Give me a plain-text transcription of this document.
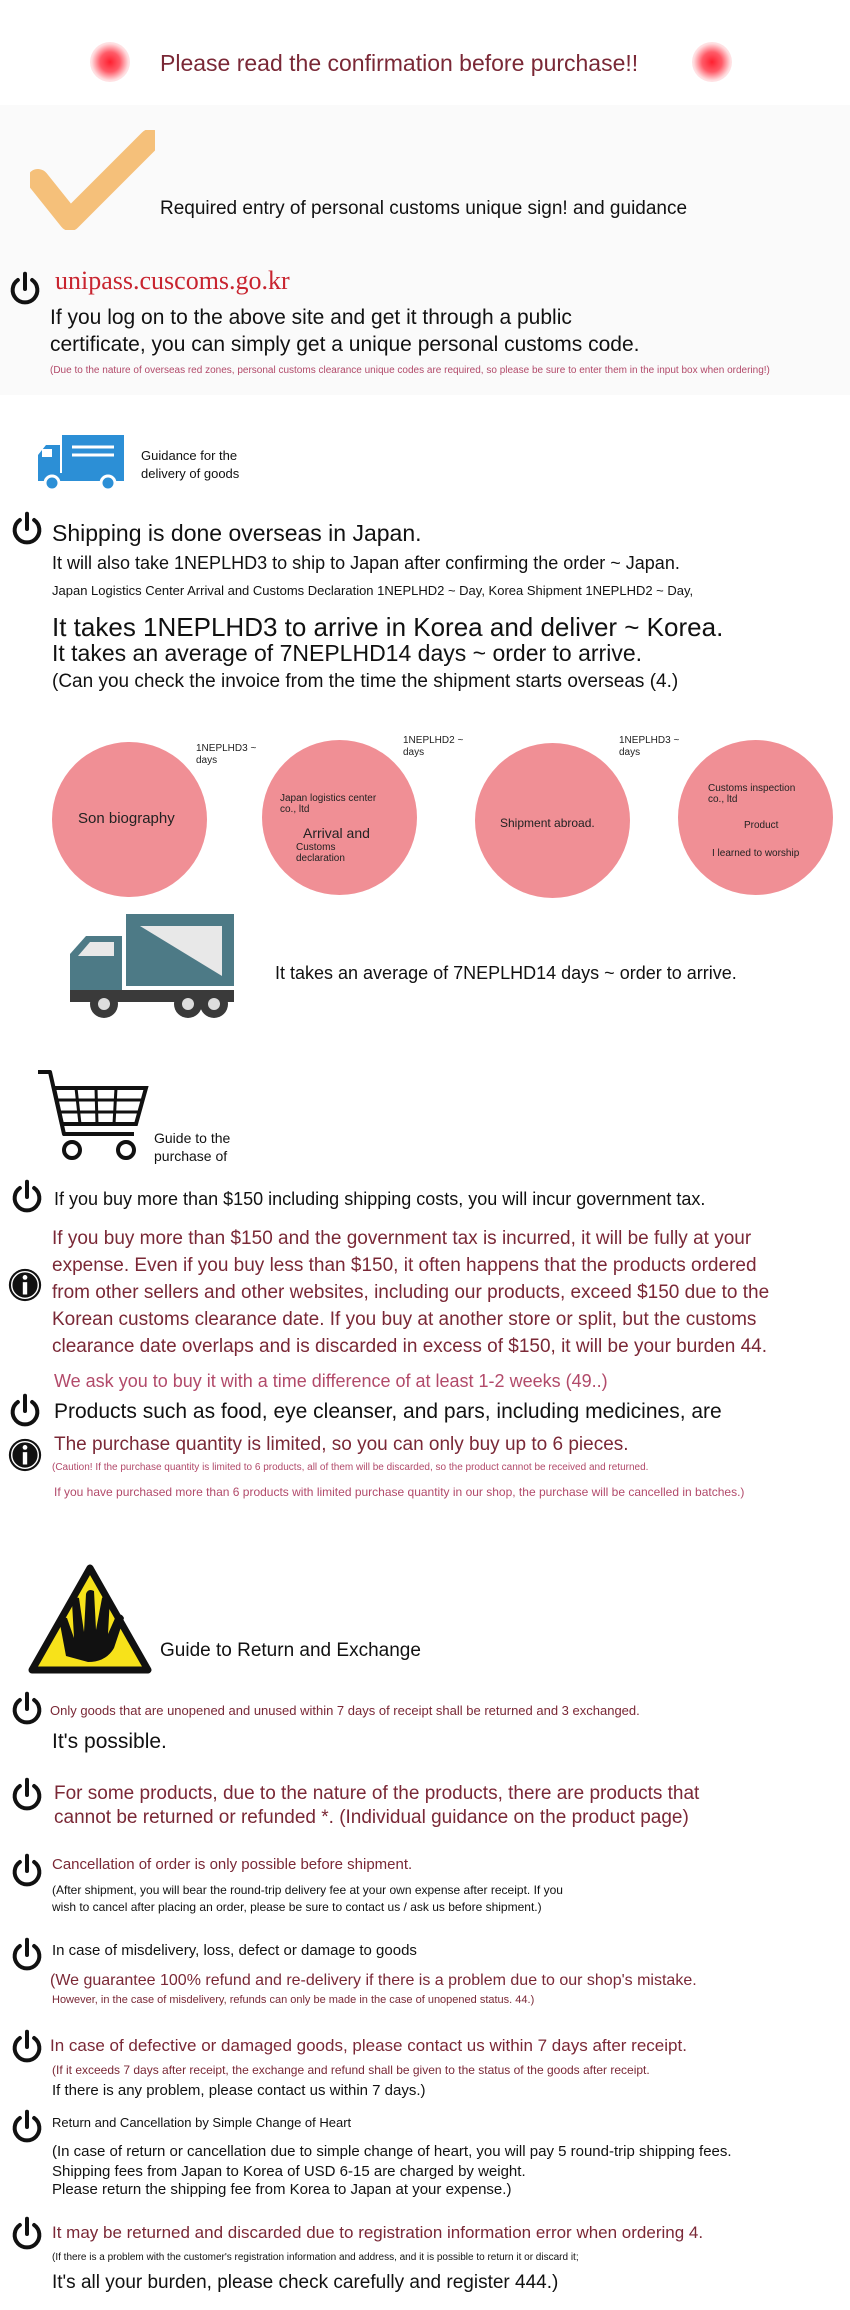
Please read the confirmation before purchase!!
Required entry of personal customs unique sign! and guidance
unipass.cuscoms.go.kr
If you log on to the above site and get it through a public
certificate, you can simply get a unique personal customs code.
(Due to the nature of overseas red zones, personal customs clearance unique codes are required, so please be sure to enter them in the input box when ordering!)
Guidance for the
delivery of goods
Shipping is done overseas in Japan.
It will also take 1NEPLHD3 to ship to Japan after confirming the order ~ Japan.
Japan Logistics Center Arrival and Customs Declaration 1NEPLHD2 ~ Day, Korea Shipment 1NEPLHD2 ~ Day,
It takes 1NEPLHD3 to arrive in Korea and deliver ~ Korea.
It takes an average of 7NEPLHD14 days ~ order to arrive.
(Can you check the invoice from the time the shipment starts overseas (4.)
Son biography
Japan logistics center co., ltd
Arrival and
Customs declaration
Shipment abroad.
Customs inspection co., ltd
Product
I learned to worship
1NEPLHD3 ~
days
1NEPLHD2 ~
days
1NEPLHD3 ~
days
It takes an average of 7NEPLHD14 days ~ order to arrive.
Guide to the
purchase of
If you buy more than $150 including shipping costs, you will incur government tax.
If you buy more than $150 and the government tax is incurred, it will be fully at your
expense. Even if you buy less than $150, it often happens that the products ordered
from other sellers and other websites, including our products, exceed $150 due to the
Korean customs clearance date. If you buy at another store or split, but the customs
clearance date overlaps and is discarded in excess of $150, it will be your burden 44.
We ask you to buy it with a time difference of at least 1-2 weeks (49..)
Products such as food, eye cleanser, and pars, including medicines, are
The purchase quantity is limited, so you can only buy up to 6 pieces.
(Caution! If the purchase quantity is limited to 6 products, all of them will be discarded, so the product cannot be received and returned.
If you have purchased more than 6 products with limited purchase quantity in our shop, the purchase will be cancelled in batches.)
Guide to Return and Exchange
Only goods that are unopened and unused within 7 days of receipt shall be returned and 3 exchanged.
It's possible.
For some products, due to the nature of the products, there are products that
cannot be returned or refunded *. (Individual guidance on the product page)
Cancellation of order is only possible before shipment.
(After shipment, you will bear the round-trip delivery fee at your own expense after receipt. If you
wish to cancel after placing an order, please be sure to contact us / ask us before shipment.)
In case of misdelivery, loss, defect or damage to goods
(We guarantee 100% refund and re-delivery if there is a problem due to our shop's mistake.
However, in the case of misdelivery, refunds can only be made in the case of unopened status. 44.)
In case of defective or damaged goods, please contact us within 7 days after receipt.
(If it exceeds 7 days after receipt, the exchange and refund shall be given to the status of the goods after receipt.
If there is any problem, please contact us within 7 days.)
Return and Cancellation by Simple Change of Heart
(In case of return or cancellation due to simple change of heart, you will pay 5 round-trip shipping fees.
Shipping fees from Japan to Korea of USD 6-15 are charged by weight.
Please return the shipping fee from Korea to Japan at your expense.)
It may be returned and discarded due to registration information error when ordering 4.
(If there is a problem with the customer's registration information and address, and it is possible to return it or discard it;
It's all your burden, please check carefully and register 444.)
